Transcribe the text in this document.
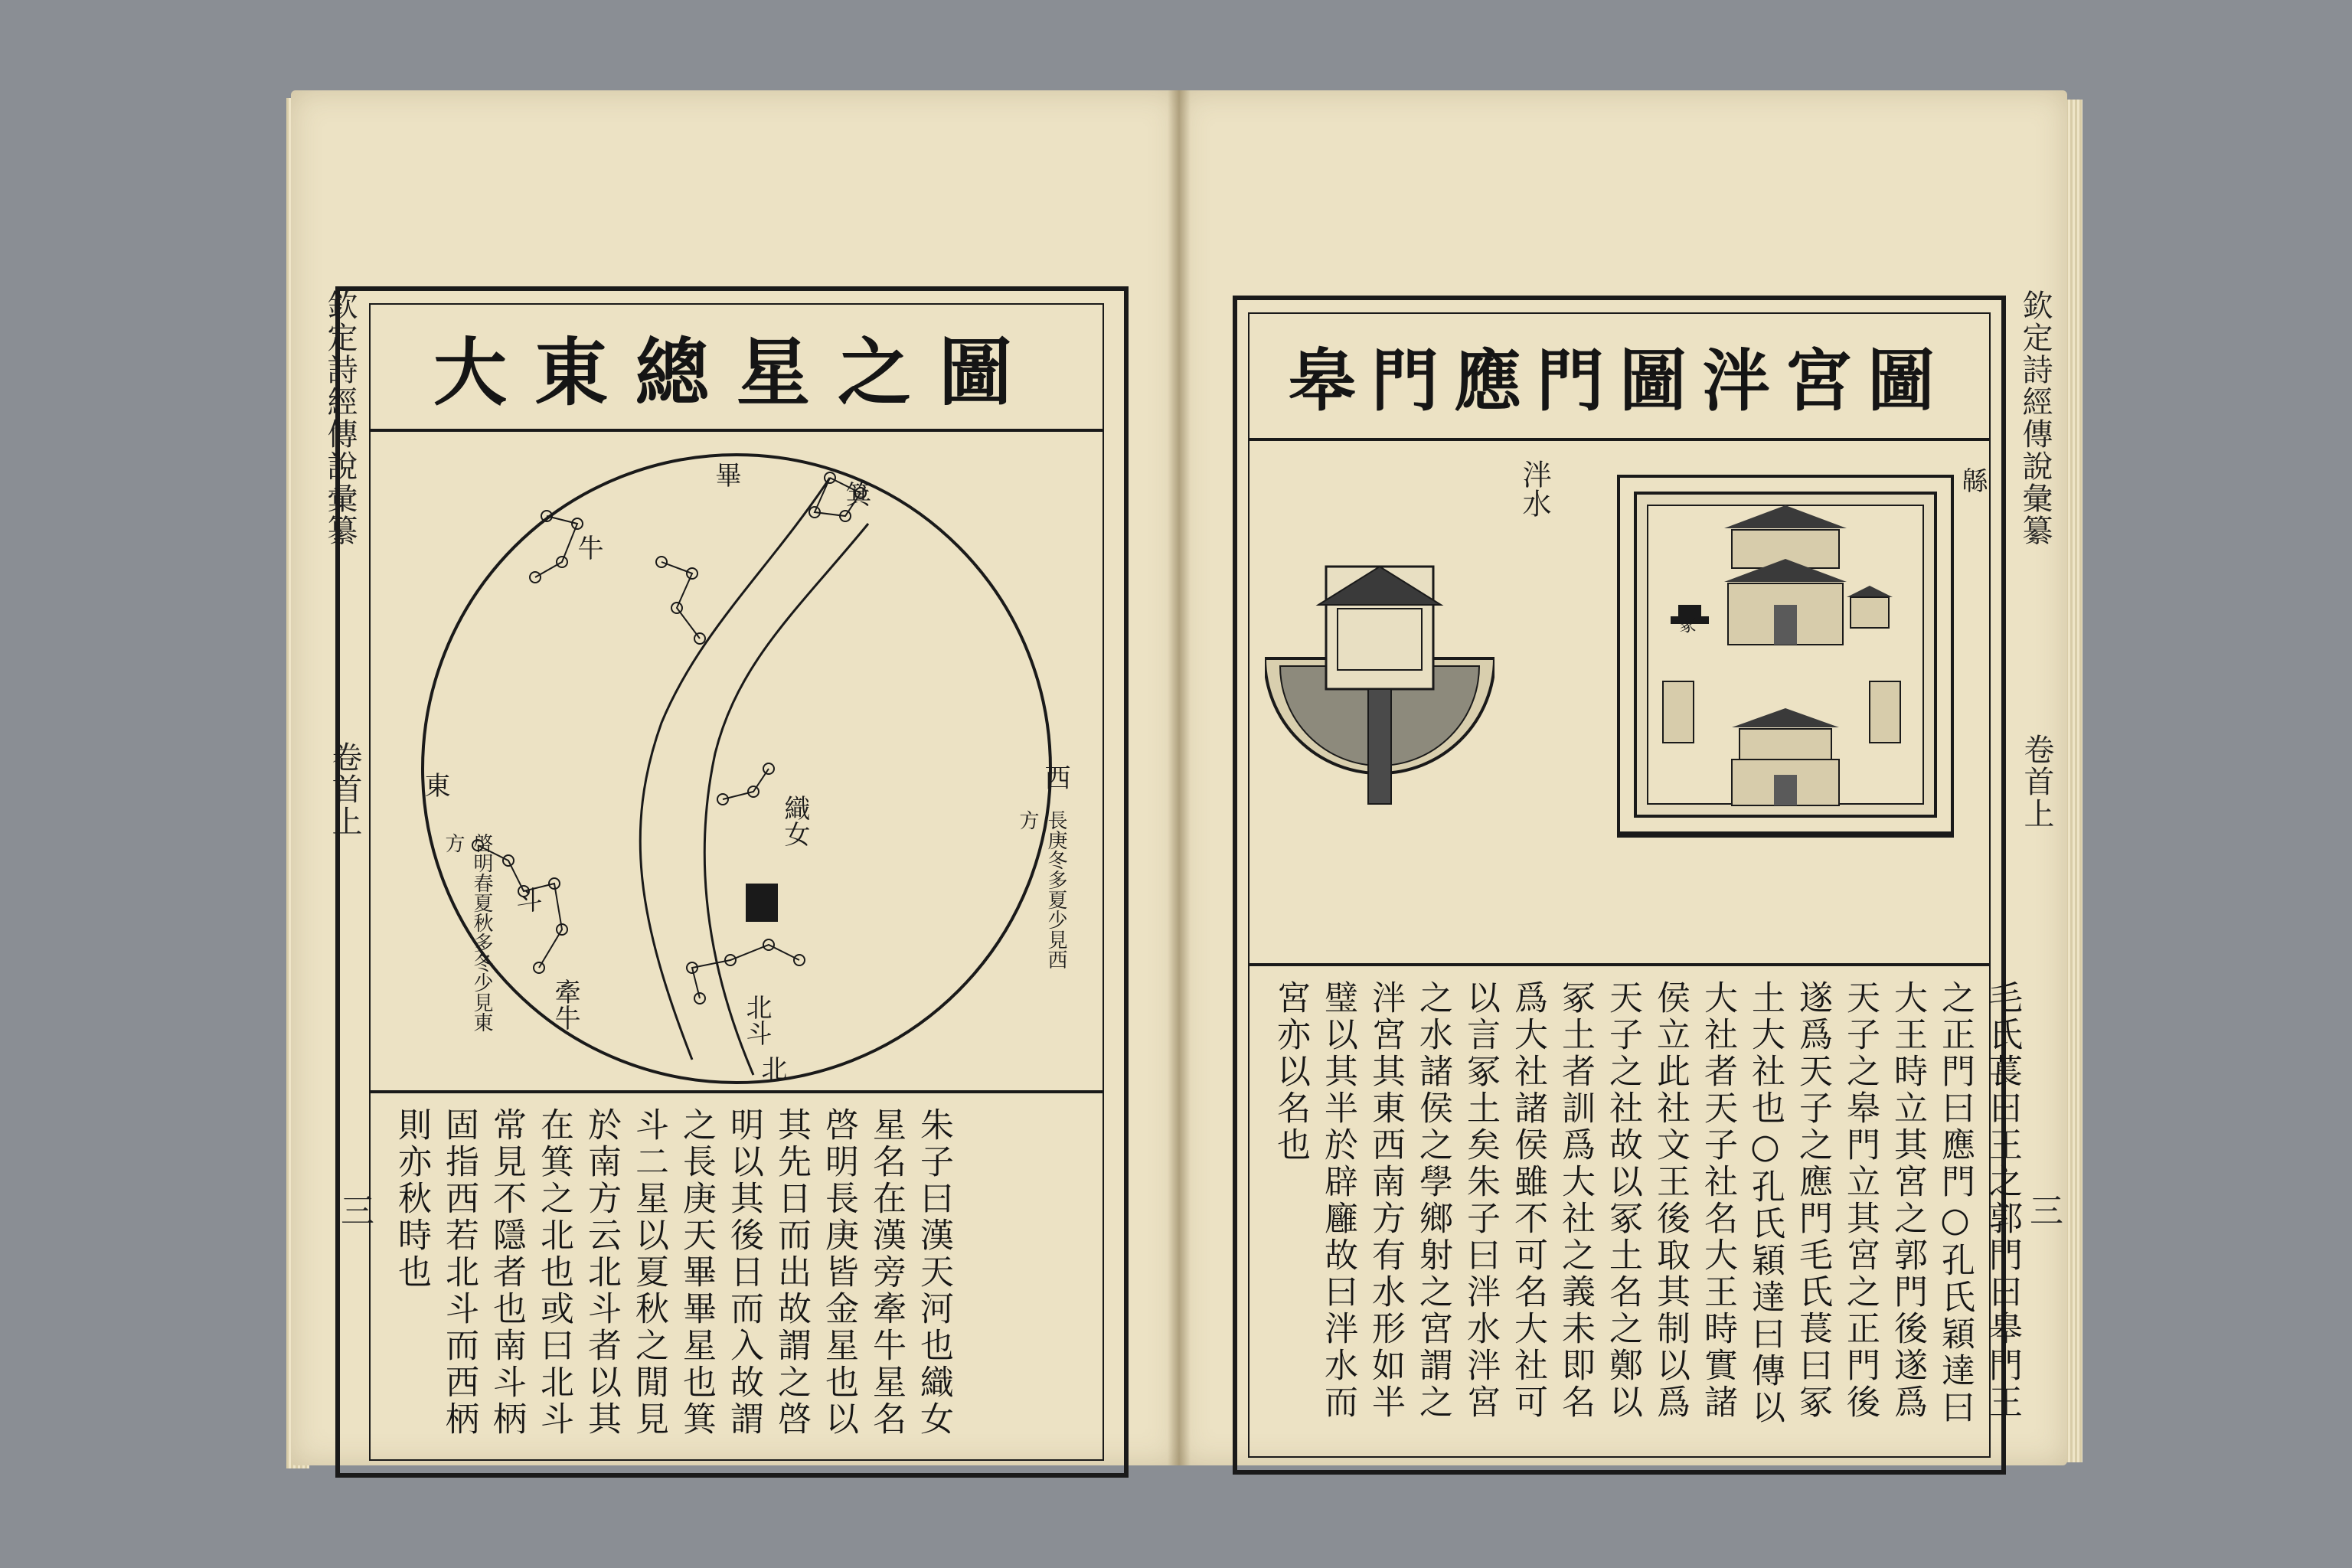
欽定詩經傳說彙纂
卷首上
三
大東總星之圖
畢
箕
牛
織女
北斗
牽牛
斗
北
東	西
啓明春夏秋多冬少見東方	長庚冬多夏少見西方
朱子曰漢天河也織女星名在漢旁牽牛星名啓明長庚皆金星也以其先日而出故謂之啓明以其後日而入故謂之長庚天畢畢星也箕斗二星以夏秋之閒見於南方云北斗者以其在箕之北也或曰北斗常見不隱者也南斗柄固指西若北斗而西柄則亦秋時也
欽定詩經傳說彙纂
卷首上
三
皋門應門圖泮宮圖
泮水	緜
冢
毛氏萇曰王之郭門曰皋門王之正門曰應門○孔氏穎達曰大王時立其宮之郭門後遂爲天子之皋門立其宮之正門後遂爲天子之應門毛氏萇曰冢土大社也○孔氏穎達曰傳以大社者天子社名大王時實諸侯立此社文王後取其制以爲天子之社故以冢土名之鄭以冢土者訓爲大社之義未即名爲大社諸侯雖不可名大社可以言冢土矣朱子曰泮水泮宮之水諸侯之學鄉射之宮謂之泮宮其東西南方有水形如半璧以其半於辟廱故曰泮水而宮亦以名也
